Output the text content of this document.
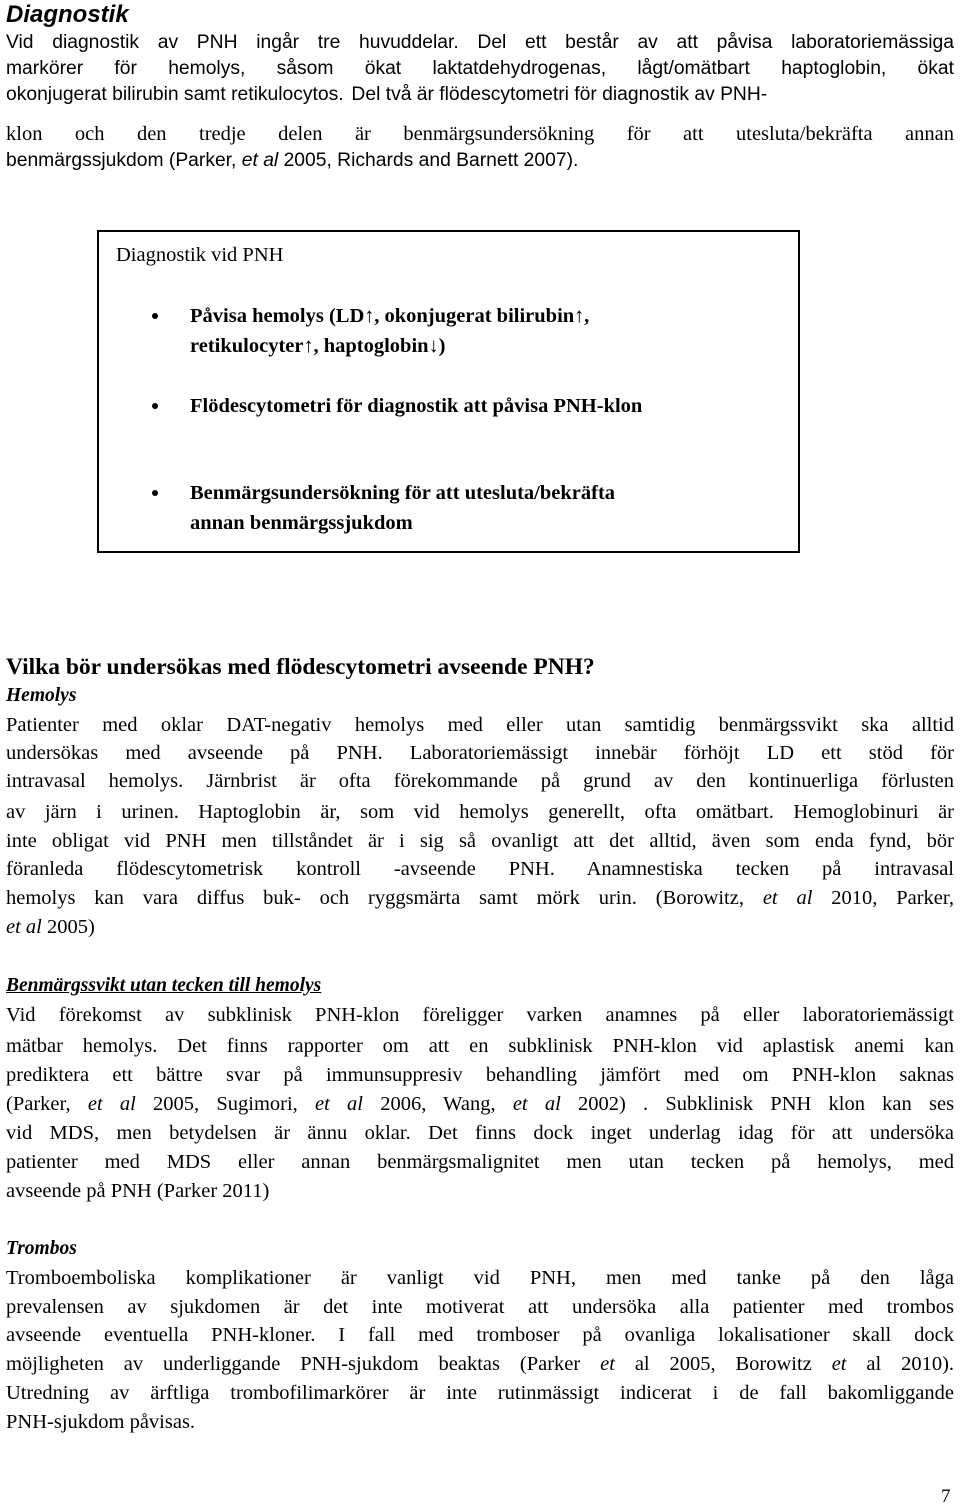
Diagnostik
Vid diagnostik av PNH ingår tre huvuddelar. Del ett består av att påvisa laboratoriemässiga
markörer för hemolys, såsom ökat laktatdehydrogenas, lågt/omätbart haptoglobin, ökat
okonjugerat bilirubin samt retikulocytos. Del två är flödescytometri för diagnostik av PNH-
klon och den tredje delen är benmärgsundersökning för att utesluta/bekräfta annan
benmärgssjukdom (Parker, et al 2005, Richards and Barnett 2007).
Diagnostik vid PNH
Påvisa hemolys (LD↑, okonjugerat bilirubin↑,
retikulocyter↑, haptoglobin↓)
Flödescytometri för diagnostik att påvisa PNH-klon
Benmärgsundersökning för att utesluta/bekräfta
annan benmärgssjukdom
Vilka bör undersökas med flödescytometri avseende PNH?
Hemolys
Patienter med oklar DAT-negativ hemolys med eller utan samtidig benmärgssvikt ska alltid
undersökas med avseende på PNH. Laboratoriemässigt innebär förhöjt LD ett stöd för
intravasal hemolys. Järnbrist är ofta förekommande på grund av den kontinuerliga förlusten
av järn i urinen. Haptoglobin är, som vid hemolys generellt, ofta omätbart. Hemoglobinuri är
inte obligat vid PNH men tillståndet är i sig så ovanligt att det alltid, även som enda fynd, bör
föranleda flödescytometrisk kontroll -avseende PNH. Anamnestiska tecken på intravasal
hemolys kan vara diffus buk- och ryggsmärta samt mörk urin. (Borowitz, et al 2010, Parker,
et al 2005)
Benmärgssvikt utan tecken till hemolys
Vid förekomst av subklinisk PNH-klon föreligger varken anamnes på eller laboratoriemässigt
mätbar hemolys. Det finns rapporter om att en subklinisk PNH-klon vid aplastisk anemi kan
prediktera ett bättre svar på immunsuppresiv behandling jämfört med om PNH-klon saknas
(Parker, et al 2005, Sugimori, et al 2006, Wang, et al 2002) . Subklinisk PNH klon kan ses
vid MDS, men betydelsen är ännu oklar. Det finns dock inget underlag idag för att undersöka
patienter med MDS eller annan benmärgsmalignitet men utan tecken på hemolys, med
avseende på PNH (Parker 2011)
Trombos
Tromboemboliska komplikationer är vanligt vid PNH, men med tanke på den låga
prevalensen av sjukdomen är det inte motiverat att undersöka alla patienter med trombos
avseende eventuella PNH-kloner. I fall med tromboser på ovanliga lokalisationer skall dock
möjligheten av underliggande PNH-sjukdom beaktas (Parker et al 2005, Borowitz et al 2010).
Utredning av ärftliga trombofilimarkörer är inte rutinmässigt indicerat i de fall bakomliggande
PNH-sjukdom påvisas.
7
